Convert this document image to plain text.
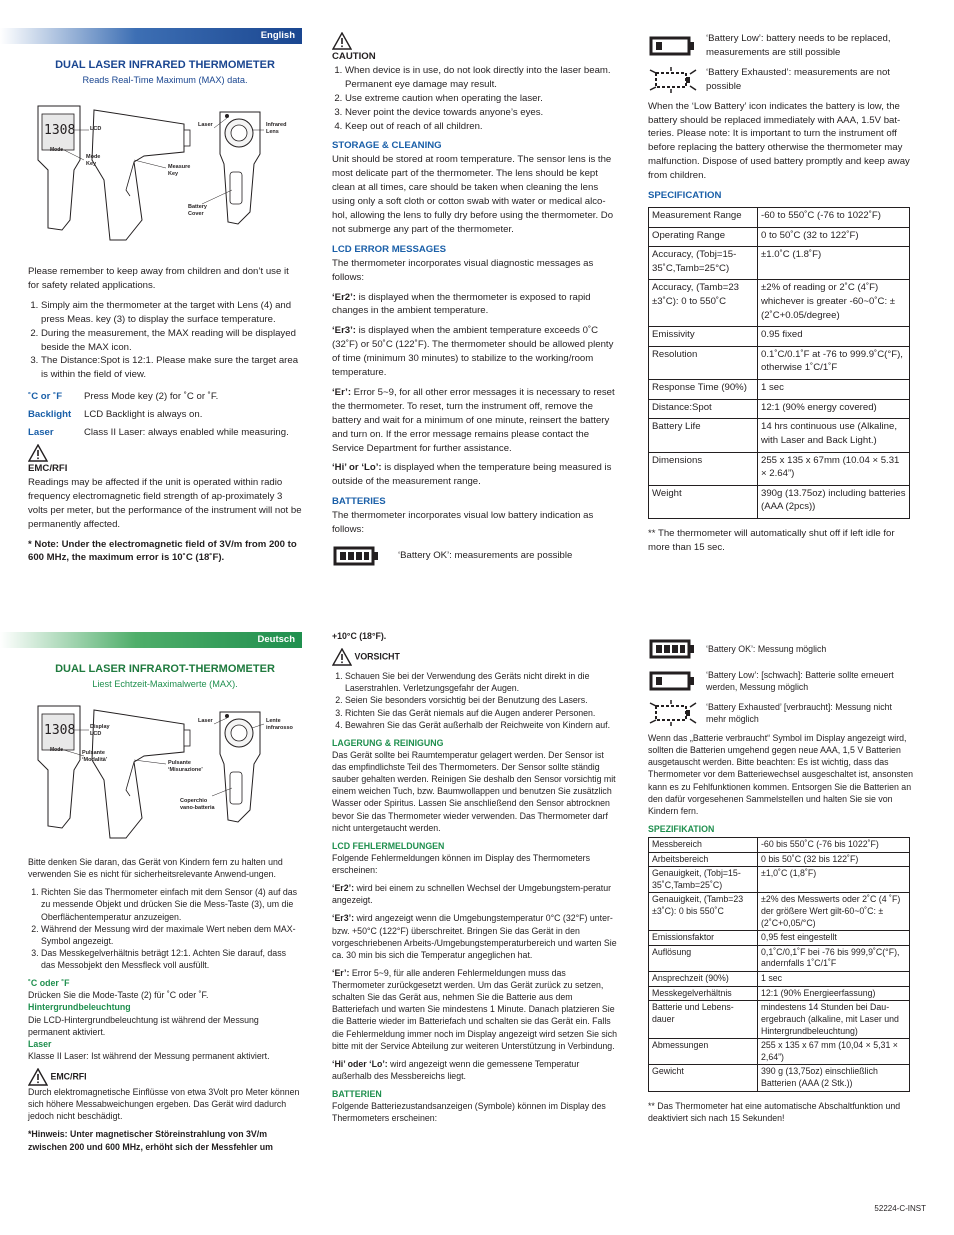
English
DUAL LASER INFRARED THERMOMETER
Reads Real-Time Maximum (MAX) data.
1308
Mode
LCD
Mode Key
Measure Key
Laser	Infrared Lens
Battery Cover

Please remember to keep away from children and don’t use it for safety related applications.

1. Simply aim the thermometer at the target with Lens (4) and press Meas. key (3) to display the surface temperature.
2. During the measurement, the MAX reading will be displayed beside the MAX icon.
3. The Distance:Spot is 12:1. Please make sure the target area is within the field of view.
˚C or ˚F	Press Mode key (2) for ˚C or ˚F.
Backlight	LCD Backlight is always on.
Laser	Class II Laser: always enabled while measuring.
EMC/RFI

Readings may be affected if the unit is operated within radio frequency electromagnetic field strength of ap-proximately 3 volts per meter, but the performance of the instrument will not be permanently affected.

* Note: Under the electromagnetic field of 3V/m from 200 to 600 MHz, the maximum error is 10˚C (18˚F).

CAUTION
1. When device is in use, do not look directly into the laser beam. Permanent eye damage may result.
2. Use extreme caution when operating the laser.
3. Never point the device towards anyone’s eyes.
4. Keep out of reach of all children.
STORAGE & CLEANING

Unit should be stored at room temperature. The sensor lens is the most delicate part of the thermometer. The lens should be kept clean at all times, care should be taken when cleaning the lens using only a soft cloth or cotton swab with water or medical alco-hol, allowing the lens to fully dry before using the thermometer. Do not submerge any part of the thermometer.

LCD ERROR MESSAGES

The thermometer incorporates visual diagnostic messages as follows:

‘Er2’: is displayed when the thermometer is exposed to rapid changes in the ambient temperature.

‘Er3’: is displayed when the ambient temperature exceeds 0˚C (32˚F) or 50˚C (122˚F). The thermometer should be allowed plenty of time (minimum 30 minutes) to stabilize to the working/room temperature.

‘Er’: Error 5~9, for all other error messages it is necessary to reset the thermometer. To reset, turn the instrument off, remove the battery and wait for a minimum of one minute, reinsert the battery and turn on. If the error message remains please contact the Service Department for further assistance.

‘Hi’ or ‘Lo’: is displayed when the temperature being measured is outside of the measurement range.

BATTERIES

The thermometer incorporates visual low battery indication as follows:

‘Battery OK’: measurements are possible
‘Battery Low’: battery needs to be replaced, measurements are still possible
‘Battery Exhausted’: measurements are not possible

When the ‘Low Battery’ icon indicates the battery is low, the battery should be replaced immediately with AAA, 1.5V bat-teries. Please note: It is important to turn the instrument off before replacing the battery otherwise the thermometer may malfunction. Dispose of used battery promptly and keep away from children.

SPECIFICATION
Measurement Range	-60 to 550˚C (-76 to 1022˚F)
Operating Range	0 to 50˚C (32 to 122˚F)
Accuracy, (Tobj=15-35˚C,Tamb=25°C)	±1.0˚C (1.8˚F)
Accuracy, (Tamb=23 ±3˚C): 0 to 550˚C	±2% of reading or 2˚C (4˚F) whichever is greater -60~0˚C: ±(2˚C+0.05/degree)
Emissivity	0.95 fixed
Resolution	0.1˚C/0.1˚F at -76 to 999.9˚C(°F), otherwise 1˚C/1˚F
Response Time (90%)	1 sec
Distance:Spot	12:1 (90% energy covered)
Battery Life	14 hrs continuous use (Alkaline, with Laser and Back Light.)
Dimensions	255 x 135 x 67mm (10.04 × 5.31 × 2.64”)
Weight	390g (13.75oz) including batteries (AAA (2pcs))

** The thermometer will automatically shut off if left idle for more than 15 sec.

Deutsch
DUAL LASER INFRAROT-THERMOMETER
Liest Echtzeit-Maximalwerte (MAX).
1308
Mode
Display LCD
Pulsante ‘Modalità’
Pulsante ‘Misurazione’
Laser	Lente infrarosso
Coperchio vano-batteria

Bitte denken Sie daran, das Gerät von Kindern fern zu halten und verwenden Sie es nicht für sicherheitsrelevante Anwend-ungen.

1. Richten Sie das Thermometer einfach mit dem Sensor (4) auf das zu messende Objekt und drücken Sie die Mess-Taste (3), um die Oberflächentemperatur anzuzeigen.
2. Während der Messung wird der maximale Wert neben dem MAX-Symbol angezeigt.
3. Das Messkegelverhältnis beträgt 12:1. Achten Sie darauf, dass das Messobjekt den Messfleck voll ausfüllt.
˚C oder ˚F
Drücken Sie die Mode-Taste (2) für ˚C oder ˚F.
Hintergrundbeleuchtung
Die LCD-Hintergrundbeleuchtung ist während der Messung permanent aktiviert.
Laser
Klasse II Laser: Ist während der Messung permanent aktiviert.
EMC/RFI

Durch elektromagnetische Einflüsse von etwa 3Volt pro Meter können sich höhere Messabweichungen ergeben. Das Gerät wird dadurch jedoch nicht beschädigt.

*Hinweis: Unter magnetischer Störeinstrahlung von 3V/m zwischen 200 und 600 MHz, erhöht sich der Messfehler um

+10°C (18°F).

VORSICHT
1. Schauen Sie bei der Verwendung des Geräts nicht direkt in die Laserstrahlen. Verletzungsgefahr der Augen.
2. Seien Sie besonders vorsichtig bei der Benutzung des Lasers.
3. Richten Sie das Gerät niemals auf die Augen anderer Personen.
4. Bewahren Sie das Gerät außerhalb der Reichweite von Kindern auf.
LAGERUNG & REINIGUNG

Das Gerät sollte bei Raumtemperatur gelagert werden. Der Sensor ist das empfindlichste Teil des Thermometers. Der Sensor sollte ständig sauber gehalten werden. Reinigen Sie deshalb den Sensor vorsichtig mit einem weichen Tuch, bzw. Baumwollappen und benutzen Sie zusätzlich Wasser oder Spiritus. Lassen Sie anschließend den Sensor abtrocknen bevor Sie das Thermometer wieder verwenden. Das Thermometer darf nicht untergetaucht werden.

LCD FEHLERMELDUNGEN

Folgende Fehlermeldungen können im Display des Thermometers erscheinen:

‘Er2’: wird bei einem zu schnellen Wechsel der Umgebungstem-peratur angezeigt.

‘Er3’: wird angezeigt wenn die Umgebungstemperatur 0°C (32°F) unter- bzw. +50°C (122°F) überschreitet. Bringen Sie das Gerät in den vorgeschriebenen Arbeits-/Umgebungstemperaturbereich und warten Sie ca. 30 min bis sich die Temperatur angeglichen hat.

‘Er’: Error 5~9, für alle anderen Fehlermeldungen muss das Thermometer zurückgesetzt werden. Um das Gerät zurück zu setzen, schalten Sie das Gerät aus, nehmen Sie die Batterie aus dem Batteriefach und warten Sie mindestens 1 Minute. Danach platzieren Sie die Batterie wieder im Batteriefach und schalten sie das Gerät ein. Falls die Fehlermeldung immer noch im Display angezeigt wird setzen Sie sich bitte mit der Service Abteilung zur weiteren Unterstützung in Verbindung.

‘Hi’ oder ‘Lo’: wird angezeigt wenn die gemessene Temperatur außerhalb des Messbereichs liegt.

BATTERIEN

Folgende Batteriezustandsanzeigen (Symbole) können im Display des Thermometers erscheinen:

‘Battery OK’: Messung möglich
‘Battery Low’: [schwach]: Batterie sollte erneuert werden, Messung möglich
‘Battery Exhausted’ [verbraucht]: Messung nicht mehr möglich

Wenn das „Batterie verbraucht“ Symbol im Display angezeigt wird, sollten die Batterien umgehend gegen neue AAA, 1,5 V Batterien ausgetauscht werden. Bitte beachten: Es ist wichtig, dass das Thermometer vor dem Batteriewechsel ausgeschaltet ist, ansonsten kann es zu Fehlfunktionen kommen. Entsorgen Sie die Batterien an den dafür vorgesehenen Sammelstellen und halten Sie sie von Kindern fern.

SPEZIFIKATION
Messbereich	-60 bis 550˚C (-76 bis 1022˚F)
Arbeitsbereich	0 bis 50˚C (32 bis 122˚F)
Genauigkeit, (Tobj=15-35˚C,Tamb=25˚C)	±1,0˚C (1,8˚F)
Genauigkeit, (Tamb=23 ±3˚C): 0 bis 550˚C	±2% des Messwerts oder 2˚C (4 ˚F) der größere Wert gilt-60~0˚C: ±(2˚C+0,05/°C)
Emissionsfaktor	0,95 fest eingestellt
Auflösung	0,1˚C/0,1˚F bei -76 bis 999,9˚C(°F), andernfalls 1˚C/1˚F
Ansprechzeit (90%)	1 sec
Messkegelverhältnis	12:1 (90% Energieerfassung)
Batterie und Lebens-dauer	mindestens 14 Stunden bei Dau-ergebrauch (alkaline, mit Laser und Hintergrundbeleuchtung)
Abmessungen	255 x 135 x 67 mm (10,04 × 5,31 × 2,64”)
Gewicht	390 g (13,75oz) einschließlich Batterien (AAA (2 Stk.))

** Das Thermometer hat eine automatische Abschaltfunktion und deaktiviert sich nach 15 Sekunden!

52224-C-INST
